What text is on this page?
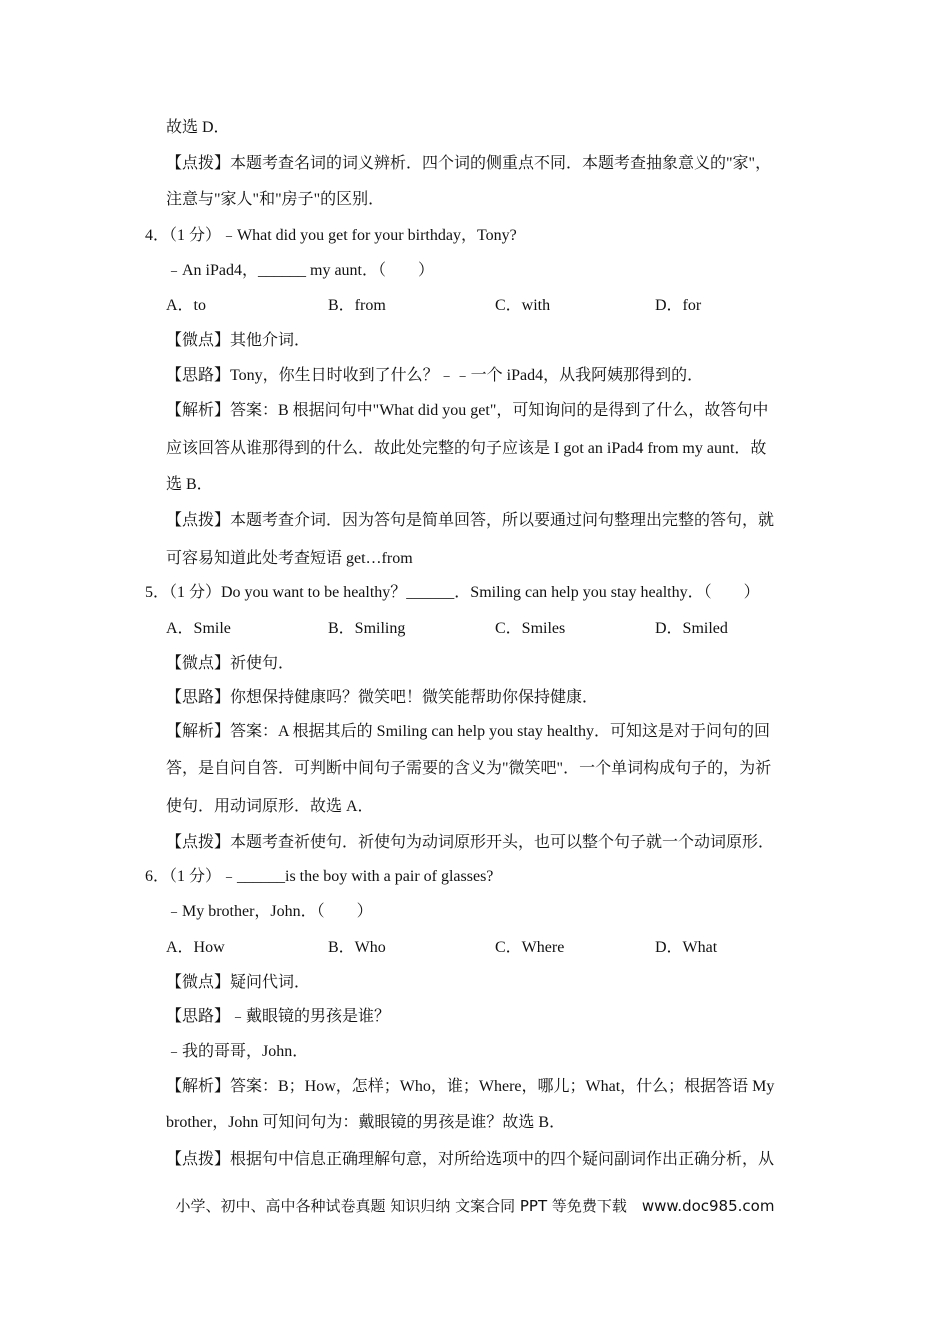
故选 D．
【点拨】本题考查名词的词义辨析．四个词的侧重点不同．本题考查抽象意义的"家"，
注意与"家人"和"房子"的区别．
4．（1 分）﹣What did you get for your birthday，Tony?
﹣An iPad4，______ my aunt．（　　）
A．to	B．from	C．with	D．for
【微点】其他介词．
【思路】Tony，你生日时收到了什么？﹣﹣一个 iPad4，从我阿姨那得到的．
【解析】答案：B 根据问句中"What did you get"，可知询问的是得到了什么，故答句中
应该回答从谁那得到的什么．故此处完整的句子应该是 I got an iPad4 from my aunt．故
选 B．
【点拨】本题考查介词．因为答句是简单回答，所以要通过问句整理出完整的答句，就
可容易知道此处考查短语 get…from
5．（1 分）Do you want to be healthy？______．Smiling can help you stay healthy．（　　）
A．Smile	B．Smiling	C．Smiles	D．Smiled
【微点】祈使句．
【思路】你想保持健康吗？微笑吧！微笑能帮助你保持健康．
【解析】答案：A 根据其后的 Smiling can help you stay healthy．可知这是对于问句的回
答，是自问自答．可判断中间句子需要的含义为"微笑吧"．一个单词构成句子的，为祈
使句．用动词原形．故选 A．
【点拨】本题考查祈使句．祈使句为动词原形开头，也可以整个句子就一个动词原形．
6．（1 分）﹣______is the boy with a pair of glasses?
﹣My brother，John．（　　）
A．How	B．Who	C．Where	D．What
【微点】疑问代词．
【思路】﹣戴眼镜的男孩是谁？
﹣我的哥哥，John．
【解析】答案：B；How，怎样；Who，谁；Where，哪儿；What，什么；根据答语 My
brother，John 可知问句为：戴眼镜的男孩是谁？故选 B．
【点拨】根据句中信息正确理解句意，对所给选项中的四个疑问副词作出正确分析，从
小学、初中、高中各种试卷真题 知识归纳 文案合同 PPT 等免费下载　www.doc985.com
